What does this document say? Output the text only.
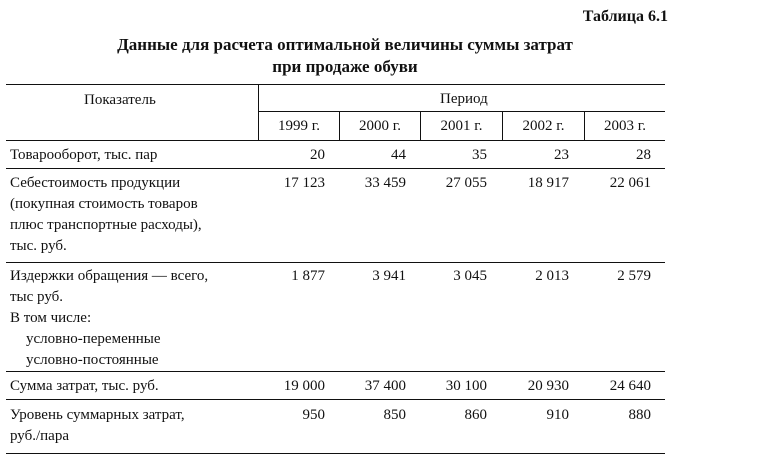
Таблица 6.1
Данные для расчета оптимальной величины суммы затрат
при продаже обуви
Показатель	Период
1999 г.	2000 г.	2001 г.	2002 г.	2003 г.
Товарооборот, тыс. пар	20	44	35	23	28
Себестоимость продукции
(покупная стоимость товаров
плюс транспортные расходы),
тыс. руб.
17 123	33 459	27 055	18 917	22 061
Издержки обращения — всего,
тыс руб.
В том числе:
условно-переменные
условно-постоянные
1 877	3 941	3 045	2 013	2 579
Сумма затрат, тыс. руб.	19 000	37 400	30 100	20 930	24 640
Уровень суммарных затрат,
руб./пара
950	850	860	910	880
